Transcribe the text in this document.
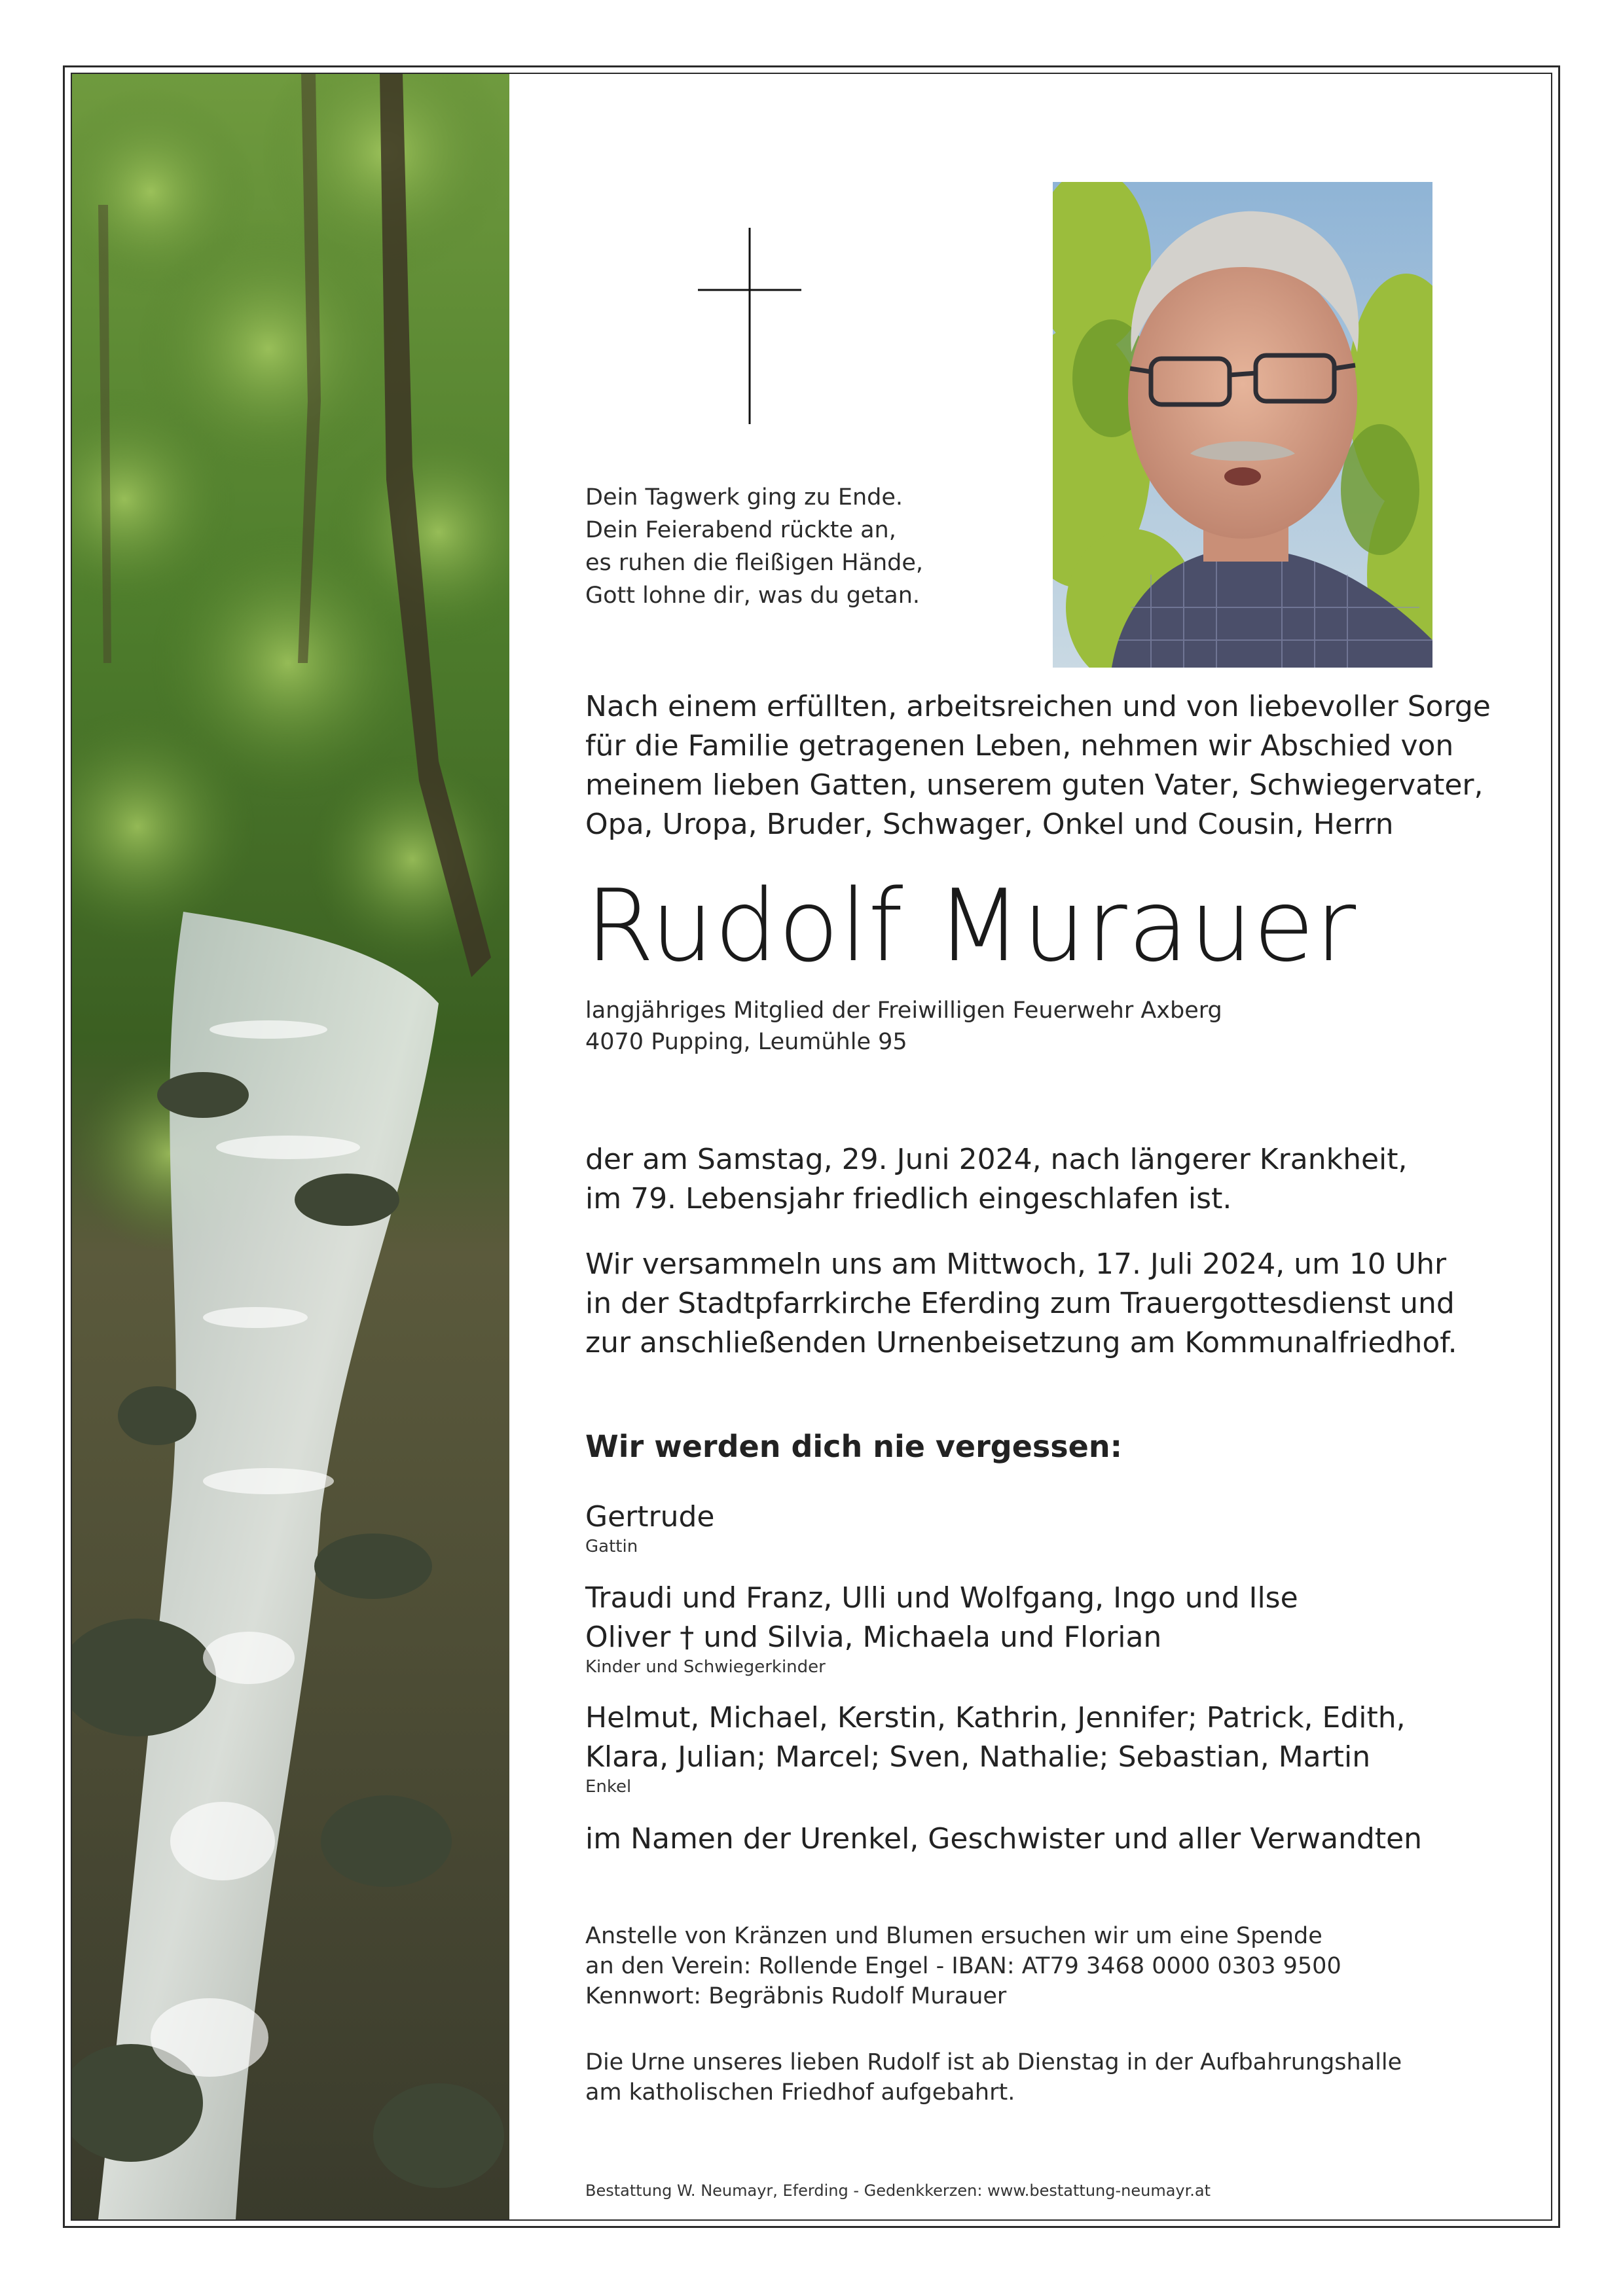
Dein Tagwerk ging zu Ende.
Dein Feierabend rückte an,
es ruhen die fleißigen Hände,
Gott lohne dir, was du getan.
Nach einem erfüllten, arbeitsreichen und von liebevoller Sorge
für die Familie getragenen Leben, nehmen wir Abschied von
meinem lieben Gatten, unserem guten Vater, Schwiegervater,
Opa, Uropa, Bruder, Schwager, Onkel und Cousin, Herrn
Rudolf Murauer
langjähriges Mitglied der Freiwilligen Feuerwehr Axberg
4070 Pupping, Leumühle 95
der am Samstag, 29. Juni 2024, nach längerer Krankheit,
im 79. Lebensjahr friedlich eingeschlafen ist.
Wir versammeln uns am Mittwoch, 17. Juli 2024, um 10 Uhr
in der Stadtpfarrkirche Eferding zum Trauergottesdienst und
zur anschließenden Urnenbeisetzung am Kommunalfriedhof.
Wir werden dich nie vergessen:
Gertrude
Gattin
Traudi und Franz, Ulli und Wolfgang, Ingo und Ilse
Oliver † und Silvia, Michaela und Florian
Kinder und Schwiegerkinder
Helmut, Michael, Kerstin, Kathrin, Jennifer; Patrick, Edith,
Klara, Julian; Marcel; Sven, Nathalie; Sebastian, Martin
Enkel
im Namen der Urenkel, Geschwister und aller Verwandten
Anstelle von Kränzen und Blumen ersuchen wir um eine Spende
an den Verein: Rollende Engel - IBAN: AT79 3468 0000 0303 9500
Kennwort: Begräbnis Rudolf Murauer
Die Urne unseres lieben Rudolf ist ab Dienstag in der Aufbahrungshalle
am katholischen Friedhof aufgebahrt.
Bestattung W. Neumayr, Eferding - Gedenkkerzen: www.bestattung-neumayr.at
